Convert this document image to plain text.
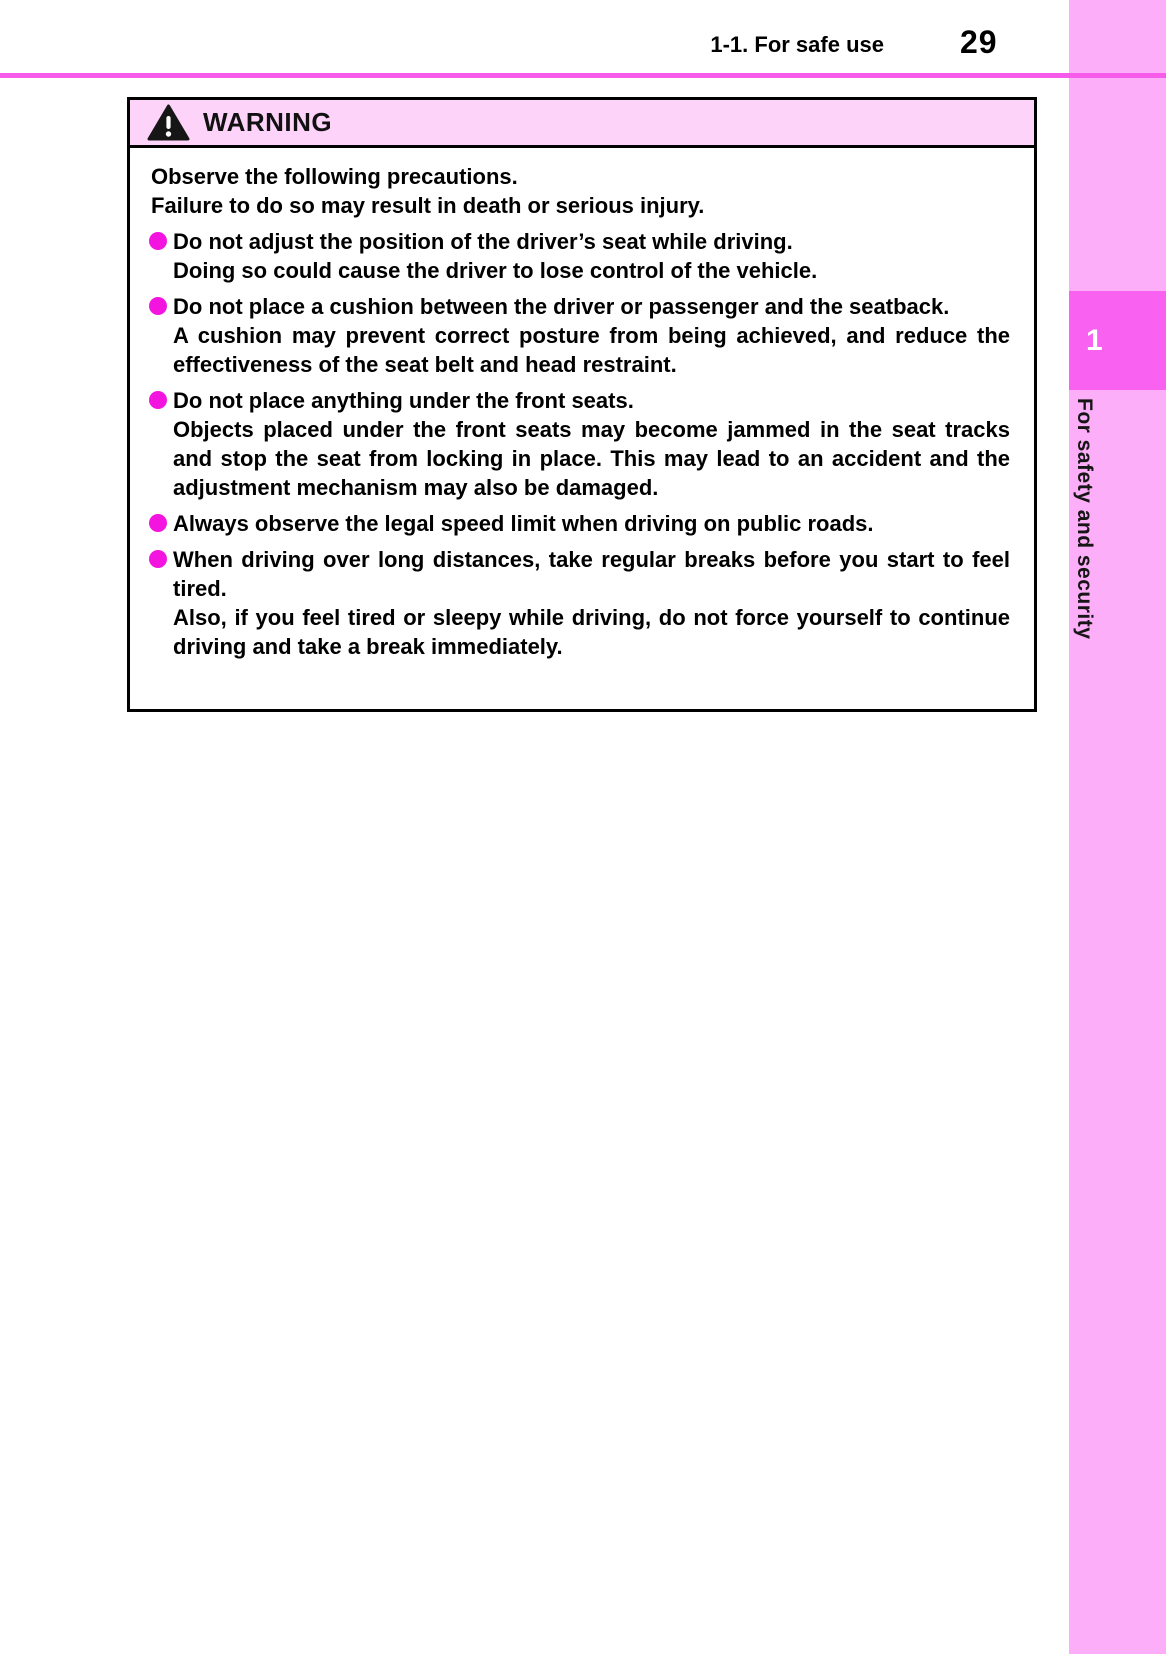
1-1. For safe use 29
1
For safety and security
WARNING
Observe the following precautions.
Failure to do so may result in death or serious injury.
Do not adjust the position of the driver’s seat while driving.
Doing so could cause the driver to lose control of the vehicle.
Do not place a cushion between the driver or passenger and the seatback.
A cushion may prevent correct posture from being achieved, and reduce the effectiveness of the seat belt and head restraint.
Do not place anything under the front seats.
Objects placed under the front seats may become jammed in the seat tracks and stop the seat from locking in place. This may lead to an accident and the adjustment mechanism may also be damaged.
Always observe the legal speed limit when driving on public roads.
When driving over long distances, take regular breaks before you start to feel tired.
Also, if you feel tired or sleepy while driving, do not force yourself to continue driving and take a break immediately.
